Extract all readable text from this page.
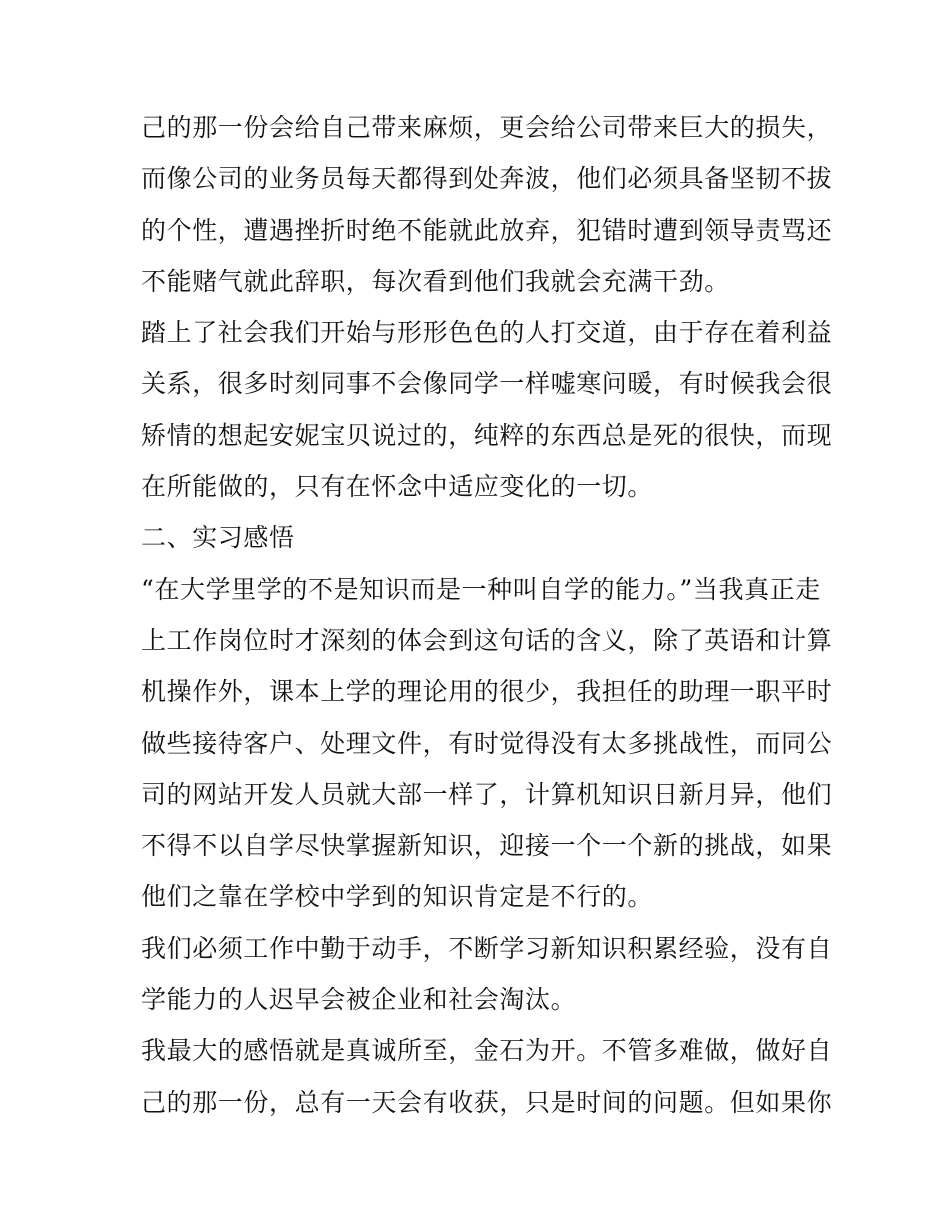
己的那一份会给自己带来麻烦，更会给公司带来巨大的损失，
而像公司的业务员每天都得到处奔波，他们必须具备坚韧不拔
的个性，遭遇挫折时绝不能就此放弃，犯错时遭到领导责骂还
不能赌气就此辞职，每次看到他们我就会充满干劲。
踏上了社会我们开始与形形色色的人打交道，由于存在着利益
关系，很多时刻同事不会像同学一样嘘寒问暖，有时候我会很
矫情的想起安妮宝贝说过的，纯粹的东西总是死的很快，而现
在所能做的，只有在怀念中适应变化的一切。
二、实习感悟
“在大学里学的不是知识而是一种叫自学的能力。”当我真正走
上工作岗位时才深刻的体会到这句话的含义，除了英语和计算
机操作外，课本上学的理论用的很少，我担任的助理一职平时
做些接待客户、处理文件，有时觉得没有太多挑战性，而同公
司的网站开发人员就大部一样了，计算机知识日新月异，他们
不得不以自学尽快掌握新知识，迎接一个一个新的挑战，如果
他们之靠在学校中学到的知识肯定是不行的。
我们必须工作中勤于动手，不断学习新知识积累经验，没有自
学能力的人迟早会被企业和社会淘汰。
我最大的感悟就是真诚所至，金石为开。不管多难做，做好自
己的那一份，总有一天会有收获，只是时间的问题。但如果你
